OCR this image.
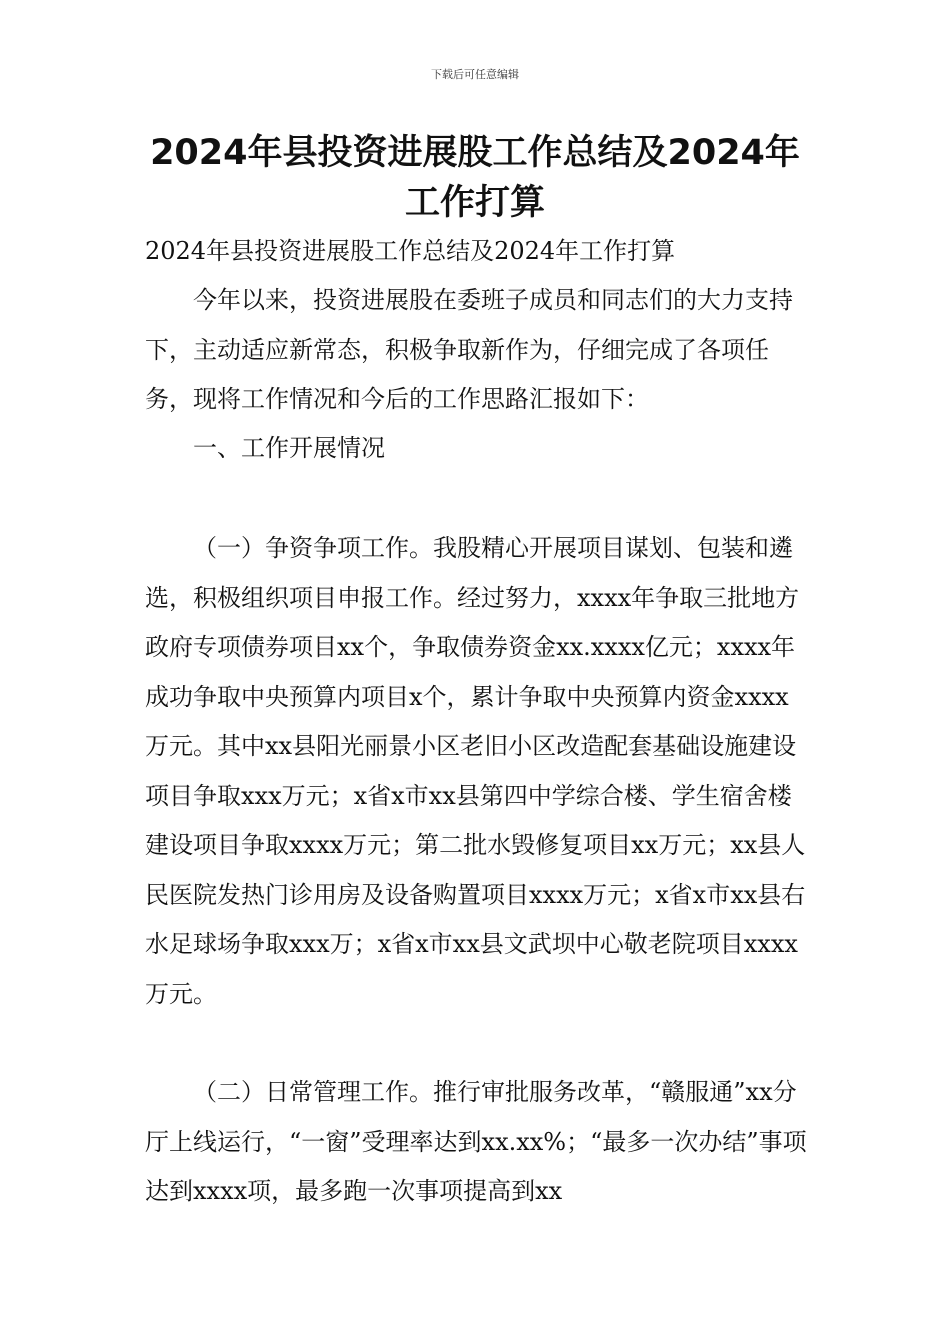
下载后可任意编辑
2024年县投资进展股工作总结及2024年工作打算

2024年县投资进展股工作总结及2024年工作打算

今年以来，投资进展股在委班子成员和同志们的大力支持下，主动适应新常态，积极争取新作为，仔细完成了各项任务，现将工作情况和今后的工作思路汇报如下：

一、工作开展情况

（一）争资争项工作。我股精心开展项目谋划、包装和遴选，积极组织项目申报工作。经过努力，xxxx年争取三批地方政府专项债券项目xx个，争取债券资金xx.xxxx亿元；xxxx年成功争取中央预算内项目x个，累计争取中央预算内资金xxxx万元。其中xx县阳光丽景小区老旧小区改造配套基础设施建设项目争取xxx万元；x省x市xx县第四中学综合楼、学生宿舍楼建设项目争取xxxx万元；第二批水毁修复项目xx万元；xx县人民医院发热门诊用房及设备购置项目xxxx万元；x省x市xx县右水足球场争取xxx万；x省x市xx县文武坝中心敬老院项目xxxx万元。

（二）日常管理工作。推行审批服务改革，“赣服通”xx分厅上线运行，“一窗”受理率达到xx.xx%；“最多一次办结”事项达到xxxx项，最多跑一次事项提高到xx
